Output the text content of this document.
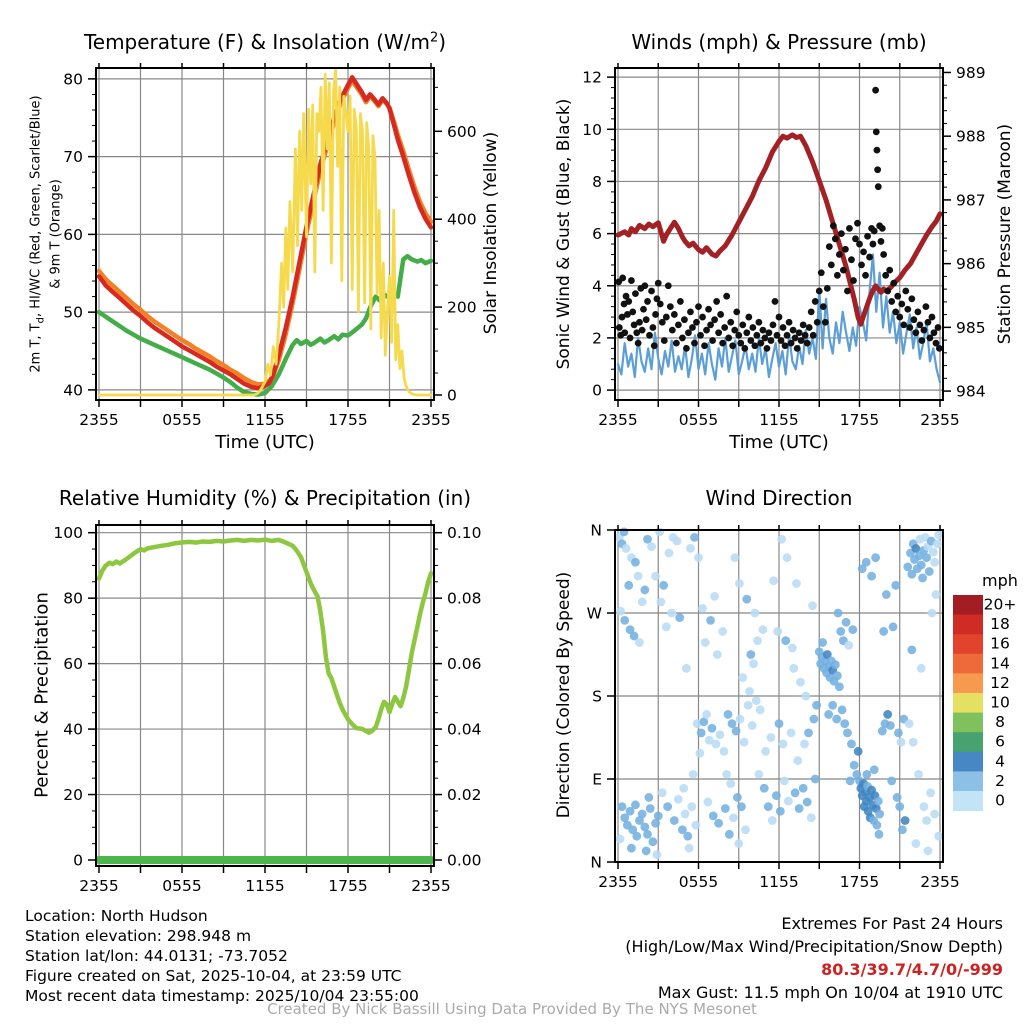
2355	0555	1155	1755	2355
40
50
60
70
80
0
200
400
600
2355	0555	1155	1755	2355
0
2
4
6
8
10
12
984
985
986
987
988
989
2355	0555	1155	1755	2355
0
20
40
60
80
100
0.00
0.02
0.04
0.06
0.08
0.10
2355	0555	1155	1755	2355
N
E
S
W
N
mph
20+
18
16
14
12
10
8
6
4
2
0
Temperature (F) & Insolation $(W/m^2)$
2m T, $T_d$, HI/WC (Red, Green, Scarlet/Blue) & 9m T (Orange)	Solar Insolation (Yellow)
Time (UTC)
Winds (mph) & Pressure (mb)
Sonic Wind & Gust (Blue, Black)	Station Pressure (Maroon)
Time (UTC)
Relative Humidity (%) & Precipitation (in)
Percent & Precipitation
Wind Direction
Direction (Colored By Speed)
Location: North Hudson
Station elevation: 298.948 m
Station lat/lon: 44.0131; -73.7052
Figure created on Sat, 2025-10-04, at 23:59 UTC
Most recent data timestamp: 2025/10/04 23:55:00
Extremes For Past 24 Hours
(High/Low/Max Wind/Precipitation/Snow Depth)
80.3/39.7/4.7/0/-999
Max Gust: 11.5 mph On 10/04 at 1910 UTC
Created By Nick Bassill Using Data Provided By The NYS Mesonet
